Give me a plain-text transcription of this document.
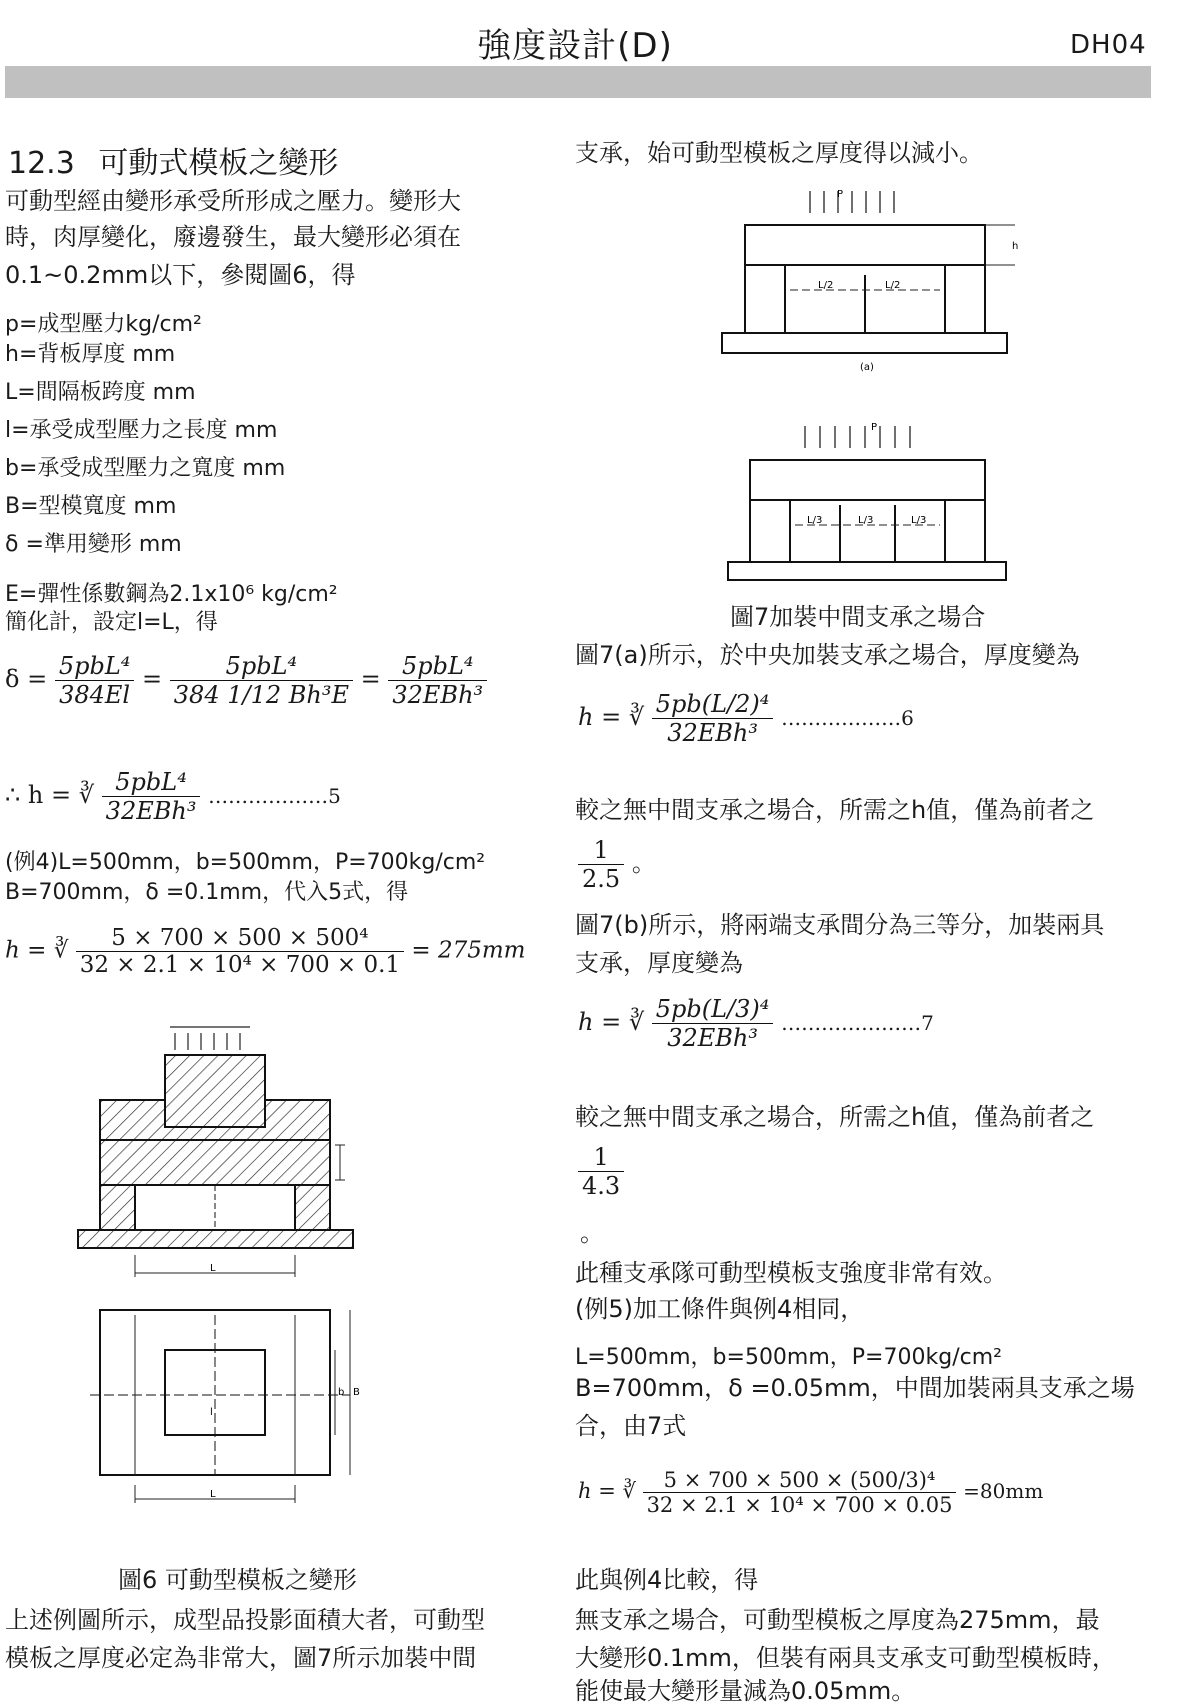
強度設計(D)	DH04
12.3 可動式模板之變形
可動型經由變形承受所形成之壓力。變形大
時，肉厚變化，廢邊發生，最大變形必須在
0.1~0.2mm以下，參閱圖6，得
p=成型壓力kg/cm²
h=背板厚度 mm
L=間隔板跨度 mm
l=承受成型壓力之長度 mm
b=承受成型壓力之寬度 mm
B=型模寬度 mm
δ =準用變形 mm
E=彈性係數鋼為2.1x10⁶ kg/cm²
簡化計，設定l=L，得
$\delta = \frac{\text{5pbL⁴}}{384El} = \frac{\text{5pbL⁴}}{\text{384 1/12 Bh³E}} = \frac{\text{5pbL⁴}}{\text{32EBh³}}$
∴ h = ∛ $\frac{\text{5pbL⁴}}{\text{32EBh³}}$ ………………5
(例4)L=500mm，b=500mm，P=700kg/cm²
B=700mm，δ =0.1mm，代入5式，得
h = ∛ $\frac{\text{5 × 700 × 500 × 500⁴}}{\text{32 × 2.1 × 10⁴ × 700 × 0.1}} = 275mm$
L
b B
l
L
圖6 可動型模板之變形
上述例圖所示，成型品投影面積大者，可動型
模板之厚度必定為非常大，圖7所示加裝中間
支承，始可動型模板之厚度得以減小。
P
h
L/2	L/2
(a)
P
L/3	L/3	L/3
圖7加裝中間支承之場合
圖7(a)所示，於中央加裝支承之場合，厚度變為
h = ∛ $\frac{\text{5pb(L/2)⁴}}{\text{32EBh³}}$ ………………6
較之無中間支承之場合，所需之h值，僅為前者之
$\frac{1}{2.5}$ 。
圖7(b)所示，將兩端支承間分為三等分，加裝兩具
支承，厚度變為
h = ∛ $\frac{\text{5pb(L/3)⁴}}{\text{32EBh³}}$ …………………7
較之無中間支承之場合，所需之h值，僅為前者之
$\frac{1}{4.3}$
。
此種支承隊可動型模板支強度非常有效。
(例5)加工條件與例4相同，
L=500mm，b=500mm，P=700kg/cm²
B=700mm，δ =0.05mm，中間加裝兩具支承之場
合，由7式
h = ∛ $\frac{\text{5 × 700 × 500 × (500/3)⁴}}{\text{32 × 2.1 × 10⁴ × 700 × 0.05}} =80mm$
此與例4比較，得
無支承之場合，可動型模板之厚度為275mm，最
大變形0.1mm，但裝有兩具支承支可動型模板時，
能使最大變形量減為0.05mm。
